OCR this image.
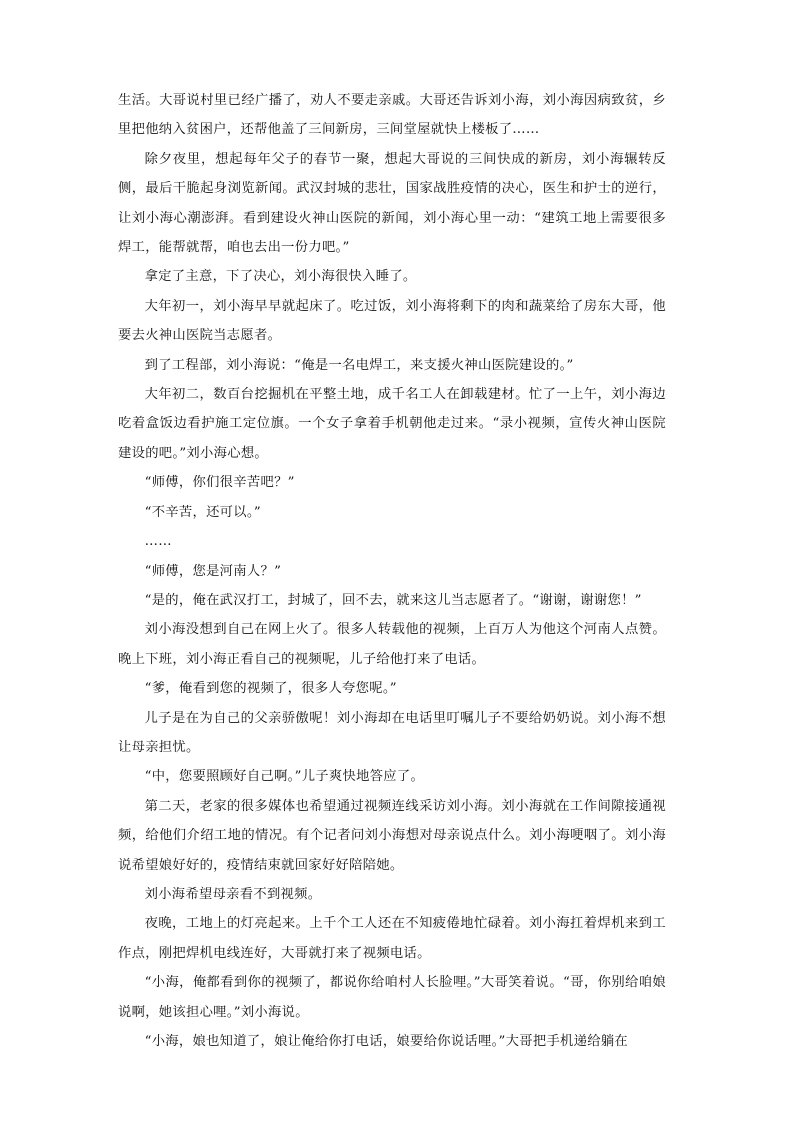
生活。大哥说村里已经广播了，劝人不要走亲戚。大哥还告诉刘小海，刘小海因病致贫，乡里把他纳入贫困户，还帮他盖了三间新房，三间堂屋就快上楼板了……

除夕夜里，想起每年父子的春节一聚，想起大哥说的三间快成的新房，刘小海辗转反侧，最后干脆起身浏览新闻。武汉封城的悲壮，国家战胜疫情的决心，医生和护士的逆行，让刘小海心潮澎湃。看到建设火神山医院的新闻，刘小海心里一动：“建筑工地上需要很多焊工，能帮就帮，咱也去出一份力吧。”

拿定了主意，下了决心，刘小海很快入睡了。

大年初一，刘小海早早就起床了。吃过饭，刘小海将剩下的肉和蔬菜给了房东大哥，他要去火神山医院当志愿者。

到了工程部，刘小海说：“俺是一名电焊工，来支援火神山医院建设的。”

大年初二，数百台挖掘机在平整土地，成千名工人在卸载建材。忙了一上午，刘小海边吃着盒饭边看护施工定位旗。一个女子拿着手机朝他走过来。“录小视频，宣传火神山医院建设的吧。”刘小海心想。

“师傅，你们很辛苦吧？”

“不辛苦，还可以。”

……

“师傅，您是河南人？”

“是的，俺在武汉打工，封城了，回不去，就来这儿当志愿者了。“谢谢，谢谢您！”

刘小海没想到自己在网上火了。很多人转载他的视频，上百万人为他这个河南人点赞。晚上下班，刘小海正看自己的视频呢，儿子给他打来了电话。

“爹，俺看到您的视频了，很多人夸您呢。”

儿子是在为自己的父亲骄傲呢！刘小海却在电话里叮嘱儿子不要给奶奶说。刘小海不想让母亲担忧。

“中，您要照顾好自己啊。”儿子爽快地答应了。

第二天，老家的很多媒体也希望通过视频连线采访刘小海。刘小海就在工作间隙接通视频，给他们介绍工地的情况。有个记者问刘小海想对母亲说点什么。刘小海哽咽了。刘小海说希望娘好好的，疫情结束就回家好好陪陪她。

刘小海希望母亲看不到视频。

夜晚，工地上的灯亮起来。上千个工人还在不知疲倦地忙碌着。刘小海扛着焊机来到工作点，刚把焊机电线连好，大哥就打来了视频电话。

“小海，俺都看到你的视频了，都说你给咱村人长脸哩。”大哥笑着说。“哥，你别给咱娘说啊，她该担心哩。”刘小海说。

“小海，娘也知道了，娘让俺给你打电话，娘要给你说话哩。”大哥把手机递给躺在
